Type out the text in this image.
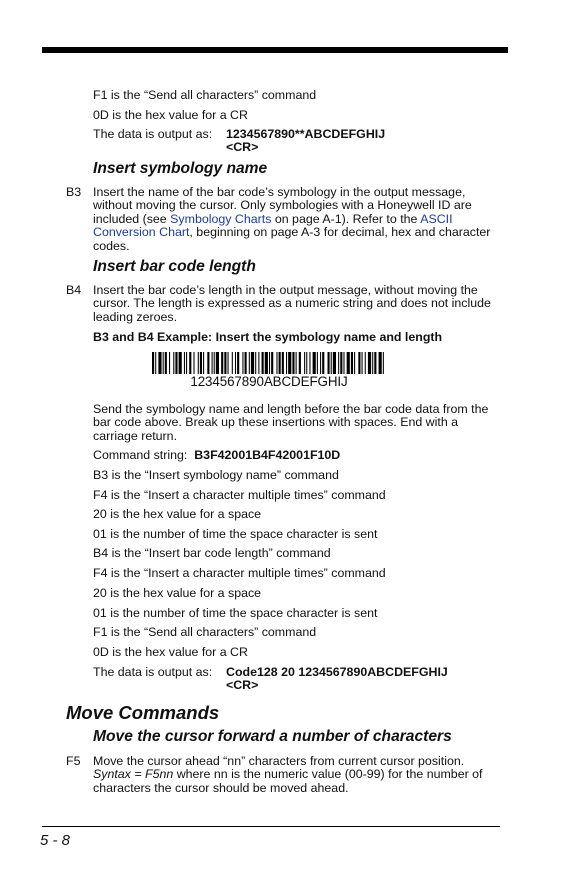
F1 is the “Send all characters” command
0D is the hex value for a CR
The data is output as: 1234567890**ABCDEFGHIJ
<CR>
Insert symbology name
B3 Insert the name of the bar code’s symbology in the output message, without moving the cursor. Only symbologies with a Honeywell ID are included (see Symbology Charts on page A-1). Refer to the ASCII Conversion Chart, beginning on page A-3 for decimal, hex and character codes.
Insert bar code length
B4 Insert the bar code’s length in the output message, without moving the cursor. The length is expressed as a numeric string and does not include leading zeroes.
B3 and B4 Example: Insert the symbology name and length
1234567890ABCDEFGHIJ
Send the symbology name and length before the bar code data from the bar code above. Break up these insertions with spaces. End with a carriage return.
Command string: B3F42001B4F42001F10D
B3 is the “Insert symbology name” command
F4 is the “Insert a character multiple times” command
20 is the hex value for a space
01 is the number of time the space character is sent
B4 is the “Insert bar code length” command
F4 is the “Insert a character multiple times” command
20 is the hex value for a space
01 is the number of time the space character is sent
F1 is the “Send all characters” command
0D is the hex value for a CR
The data is output as: Code128 20 1234567890ABCDEFGHIJ
<CR>
Move Commands
Move the cursor forward a number of characters
F5 Move the cursor ahead “nn” characters from current cursor position. Syntax = F5nn where nn is the numeric value (00-99) for the number of characters the cursor should be moved ahead.
5 - 8
